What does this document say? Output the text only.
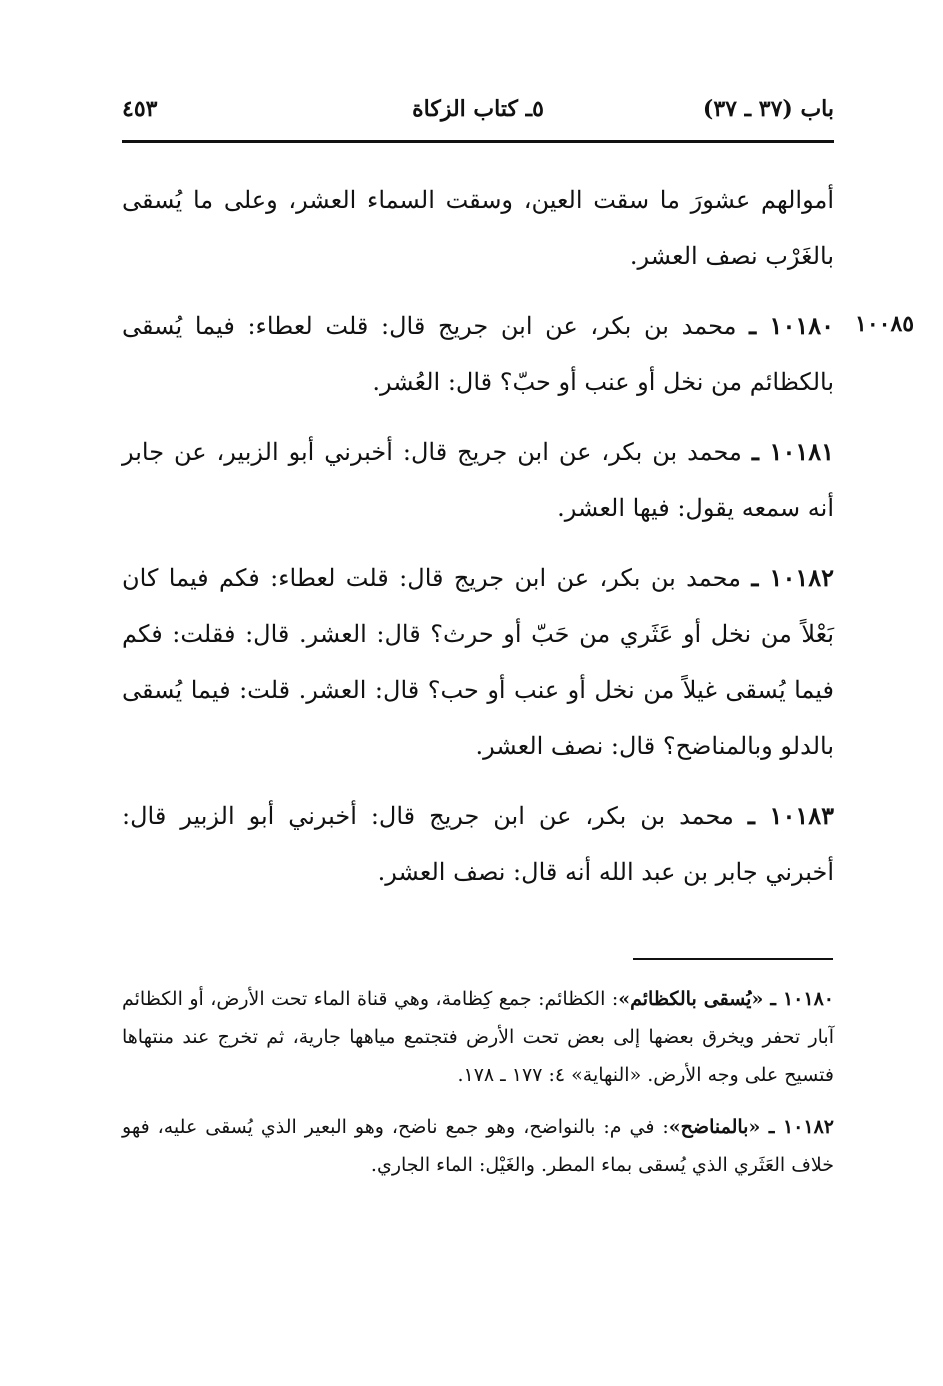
باب (٣٧ ـ ٣٧)
٥ـ كتاب الزكاة
٤٥٣
١٠٠٨٥

أموالهم عشورَ ما سقت العين، وسقت السماء العشر، وعلى ما يُسقى بالغَرْب نصف العشر.

١٠١٨٠ ـ محمد بن بكر، عن ابن جريج قال: قلت لعطاء: فيما يُسقى بالكظائم من نخل أو عنب أو حبّ؟ قال: العُشر.

١٠١٨١ ـ محمد بن بكر، عن ابن جريج قال: أخبرني أبو الزبير، عن جابر أنه سمعه يقول: فيها العشر.

١٠١٨٢ ـ محمد بن بكر، عن ابن جريج قال: قلت لعطاء: فكم فيما كان بَعْلاً من نخل أو عَثَري من حَبّ أو حرث؟ قال: العشر. قال: فقلت: فكم فيما يُسقى غيلاً من نخل أو عنب أو حب؟ قال: العشر. قلت: فيما يُسقى بالدلو وبالمناضح؟ قال: نصف العشر.

١٠١٨٣ ـ محمد بن بكر، عن ابن جريج قال: أخبرني أبو الزبير قال: أخبرني جابر بن عبد الله أنه قال: نصف العشر.

١٠١٨٠ ـ «يُسقى بالكظائم»: الكظائم: جمع كِظامة، وهي قناة الماء تحت الأرض، أو الكظائم آبار تحفر ويخرق بعضها إلى بعض تحت الأرض فتجتمع مياهها جارية، ثم تخرج عند منتهاها فتسيح على وجه الأرض. «النهاية» ٤: ١٧٧ ـ ١٧٨.

١٠١٨٢ ـ «بالمناضح»: في م: بالنواضح، وهو جمع ناضح، وهو البعير الذي يُسقى عليه، فهو خلاف العَثَري الذي يُسقى بماء المطر. والغَيْل: الماء الجاري.
